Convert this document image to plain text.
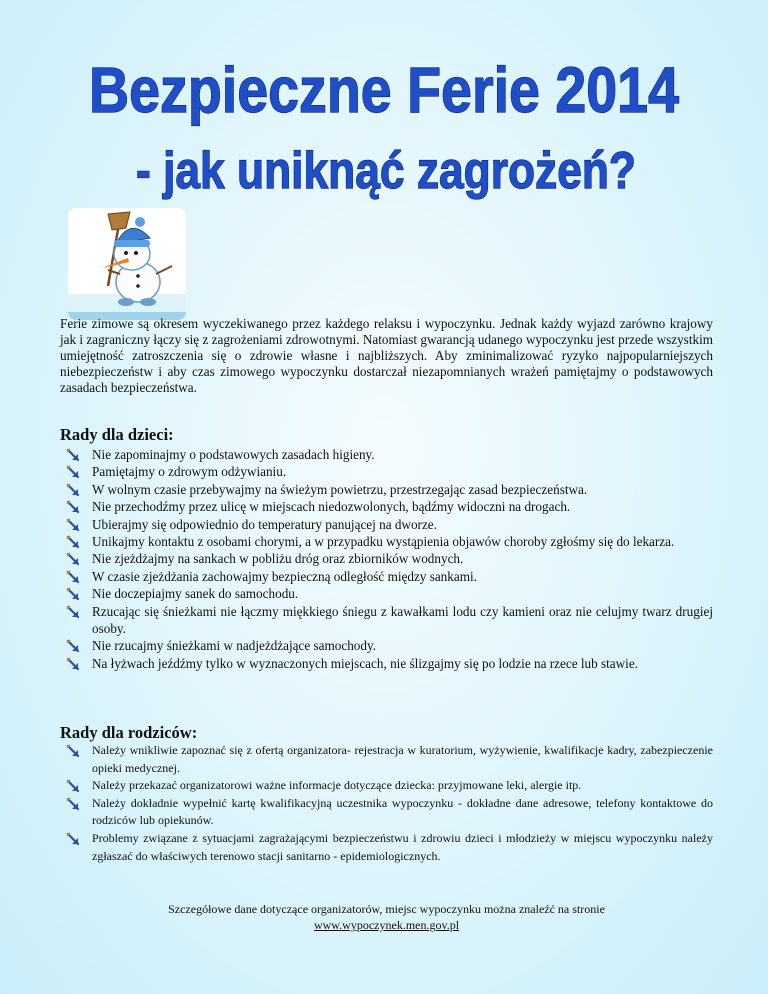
Bezpieczne Ferie 2014
- jak uniknąć zagrożeń?

Ferie zimowe są okresem wyczekiwanego przez każdego relaksu i wypoczynku. Jednak każdy wyjazd zarówno krajowy jak i zagraniczny łączy się z zagrożeniami zdrowotnymi. Natomiast gwarancją udanego wypoczynku jest przede wszystkim umiejętność zatroszczenia się o zdrowie własne i najbliższych. Aby zminimalizować ryzyko najpopularniejszych niebezpieczeństw i aby czas zimowego wypoczynku dostarczał niezapomnianych wrażeń pamiętajmy o podstawowych zasadach bezpieczeństwa.

Rady dla dzieci:
Nie zapominajmy o podstawowych zasadach higieny.
Pamiętajmy o zdrowym odżywianiu.
W wolnym czasie przebywajmy na świeżym powietrzu, przestrzegając zasad bezpieczeństwa.
Nie przechodźmy przez ulicę w miejscach niedozwolonych, bądźmy widoczni na drogach.
Ubierajmy się odpowiednio do temperatury panującej na dworze.
Unikajmy kontaktu z osobami chorymi, a w przypadku wystąpienia objawów choroby zgłośmy się do lekarza.
Nie zjeżdżajmy na sankach w pobliżu dróg oraz zbiorników wodnych.
W czasie zjeżdżania zachowajmy bezpieczną odległość między sankami.
Nie doczepiajmy sanek do samochodu.
Rzucając się śnieżkami nie łączmy miękkiego śniegu z kawałkami lodu czy kamieni oraz nie celujmy twarz drugiej osoby.
Nie rzucajmy śnieżkami w nadjeżdżające samochody.
Na łyżwach jeźdźmy tylko w wyznaczonych miejscach, nie ślizgajmy się po lodzie na rzece lub stawie.
Rady dla rodziców:
Należy wnikliwie zapoznać się z ofertą organizatora- rejestracja w kuratorium, wyżywienie, kwalifikacje kadry, zabezpieczenie opieki medycznej.
Należy przekazać organizatorowi ważne informacje dotyczące dziecka: przyjmowane leki, alergie itp.
Należy dokładnie wypełnić kartę kwalifikacyjną uczestnika wypoczynku - dokładne dane adresowe, telefony kontaktowe do rodziców lub opiekunów.
Problemy związane z sytuacjami zagrażającymi bezpieczeństwu i zdrowiu dzieci i młodzieży w miejscu wypoczynku należy zgłaszać do właściwych terenowo stacji sanitarno - epidemiologicznych.
Szczegółowe dane dotyczące organizatorów, miejsc wypoczynku można znaleźć na stronie
www.wypoczynek.men.gov.pl
